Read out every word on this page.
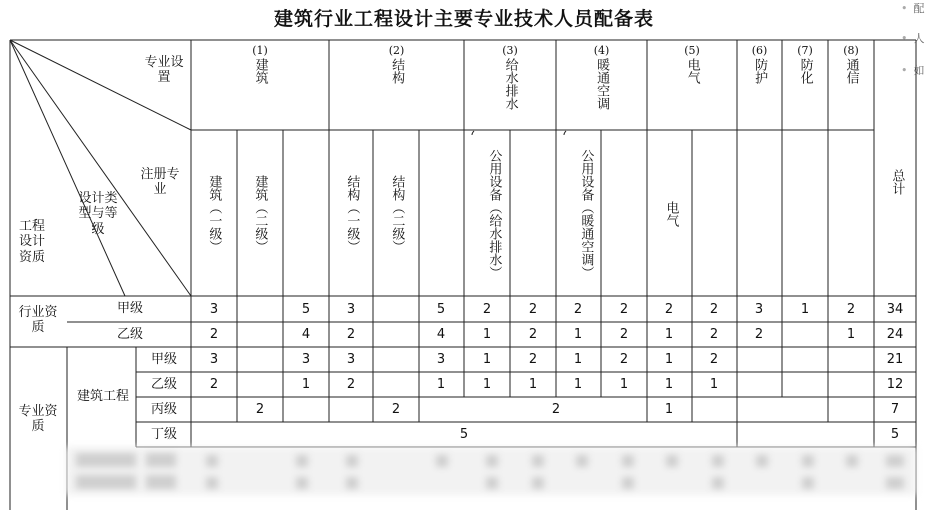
建筑行业工程设计主要专业技术人员配备表
•	配
• 人
• 如
专业设置
注册专业
设计类型与等级
工程设计资质
(1)
建筑
(2)
结构
(3)
给水排水
(4)
暖通空调
(5)
电气
(6)
防护
(7)
防化
(8)
通信
建筑（一级） 建筑（二级）	结构（一级） 结构（二级）	公用设备（给水排水）	公用设备（暖通空调）	电气
总计
行业资质
专业资质
建筑工程
甲级
乙级
甲级
乙级
丙级
丁级
3	5	3	5	2	2	2	2	2	2	3	1	2	34
2	4	2	4	1	2	1	2	1	2	2	1	24
3	3	3	3	1	2	1	2	1	2	21
2	1	2	1	1	1	1	1	1	1	12
2	2	2	1	7
5	5
